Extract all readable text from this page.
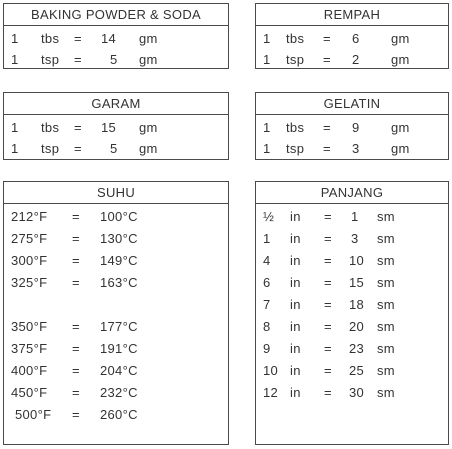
BAKING POWDER & SODA
1 tbs = 14 gm
1 tsp = 5 gm
REMPAH
1 tbs = 6 gm
1 tsp = 2 gm
GARAM
1 tbs = 15 gm
1 tsp = 5 gm
GELATIN
1 tbs = 9 gm
1 tsp = 3 gm
SUHU
212°F = 100°C
275°F = 130°C
300°F = 149°C
325°F = 163°C
350°F = 177°C
375°F = 191°C
400°F = 204°C
450°F = 232°C
500°F = 260°C
PANJANG
½ in = 1 sm
1 in = 3 sm
4 in = 10 sm
6 in = 15 sm
7 in = 18 sm
8 in = 20 sm
9 in = 23 sm
10 in = 25 sm
12 in = 30 sm
